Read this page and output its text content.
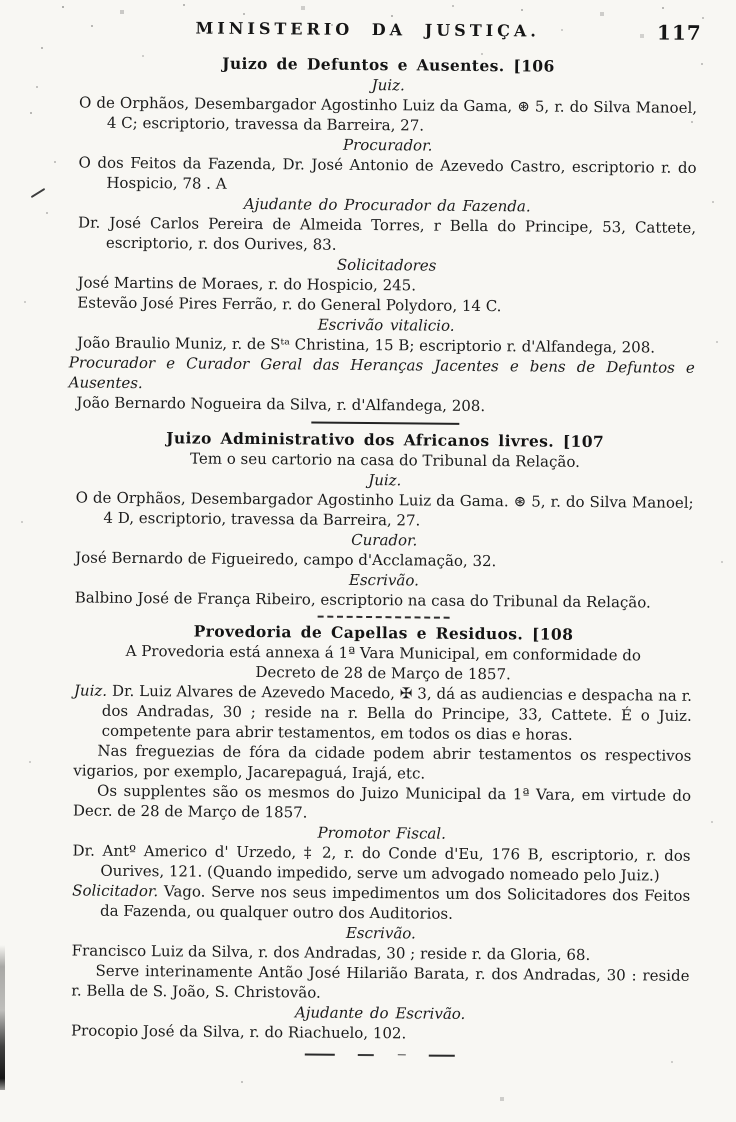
MINISTERIO DA JUSTIÇA.	117
Juizo de Defuntos e Ausentes. [106

Juiz.

O de Orphãos, Desembargador Agostinho Luiz da Gama, ⊛ 5, r. do Silva Manoel, 4 C; escriptorio, travessa da Barreira, 27.

Procurador.

O dos Feitos da Fazenda, Dr. José Antonio de Azevedo Castro, escriptorio r. do Hospicio, 78 . A

Ajudante do Procurador da Fazenda.

Dr. José Carlos Pereira de Almeida Torres, r Bella do Principe, 53, Cattete, escriptorio, r. dos Ourives, 83.

Solicitadores

José Martins de Moraes, r. do Hospicio, 245.

Estevão José Pires Ferrão, r. do General Polydoro, 14 C.

Escrivão vitalicio.

João Braulio Muniz, r. de Sᵗᵃ Christina, 15 B; escriptorio r. d'Alfandega, 208.

Procurador e Curador Geral das Heranças Jacentes e bens de Defuntos e Ausentes.

João Bernardo Nogueira da Silva, r. d'Alfandega, 208.

Juizo Administrativo dos Africanos livres. [107

Tem o seu cartorio na casa do Tribunal da Relação.

Juiz.

O de Orphãos, Desembargador Agostinho Luiz da Gama. ⊛ 5, r. do Silva Manoel; 4 D, escriptorio, travessa da Barreira, 27.

Curador.

José Bernardo de Figueiredo, campo d'Acclamação, 32.

Escrivão.

Balbino José de França Ribeiro, escriptorio na casa do Tribunal da Relação.

Provedoria de Capellas e Residuos. [108

A Provedoria está annexa á 1ª Vara Municipal, em conformidade do Decreto de 28 de Março de 1857.

Juiz. Dr. Luiz Alvares de Azevedo Macedo, ✠ 3, dá as audiencias e despacha na r. dos Andradas, 30 ; reside na r. Bella do Principe, 33, Cattete. É o Juiz. competente para abrir testamentos, em todos os dias e horas.

Nas freguezias de fóra da cidade podem abrir testamentos os respectivos vigarios, por exemplo, Jacarepaguá, Irajá, etc.

Os supplentes são os mesmos do Juizo Municipal da 1ª Vara, em virtude do Decr. de 28 de Março de 1857.

Promotor Fiscal.

Dr. Antº Americo d' Urzedo, ‡ 2, r. do Conde d'Eu, 176 B, escriptorio, r. dos Ourives, 121. (Quando impedido, serve um advogado nomeado pelo Juiz.)

Solicitador. Vago. Serve nos seus impedimentos um dos Solicitadores dos Feitos da Fazenda, ou qualquer outro dos Auditorios.

Escrivão.

Francisco Luiz da Silva, r. dos Andradas, 30 ; reside r. da Gloria, 68.

Serve interinamente Antão José Hilarião Barata, r. dos Andradas, 30 : reside r. Bella de S. João, S. Christovão.

Ajudante do Escrivão.

Procopio José da Silva, r. do Riachuelo, 102.
